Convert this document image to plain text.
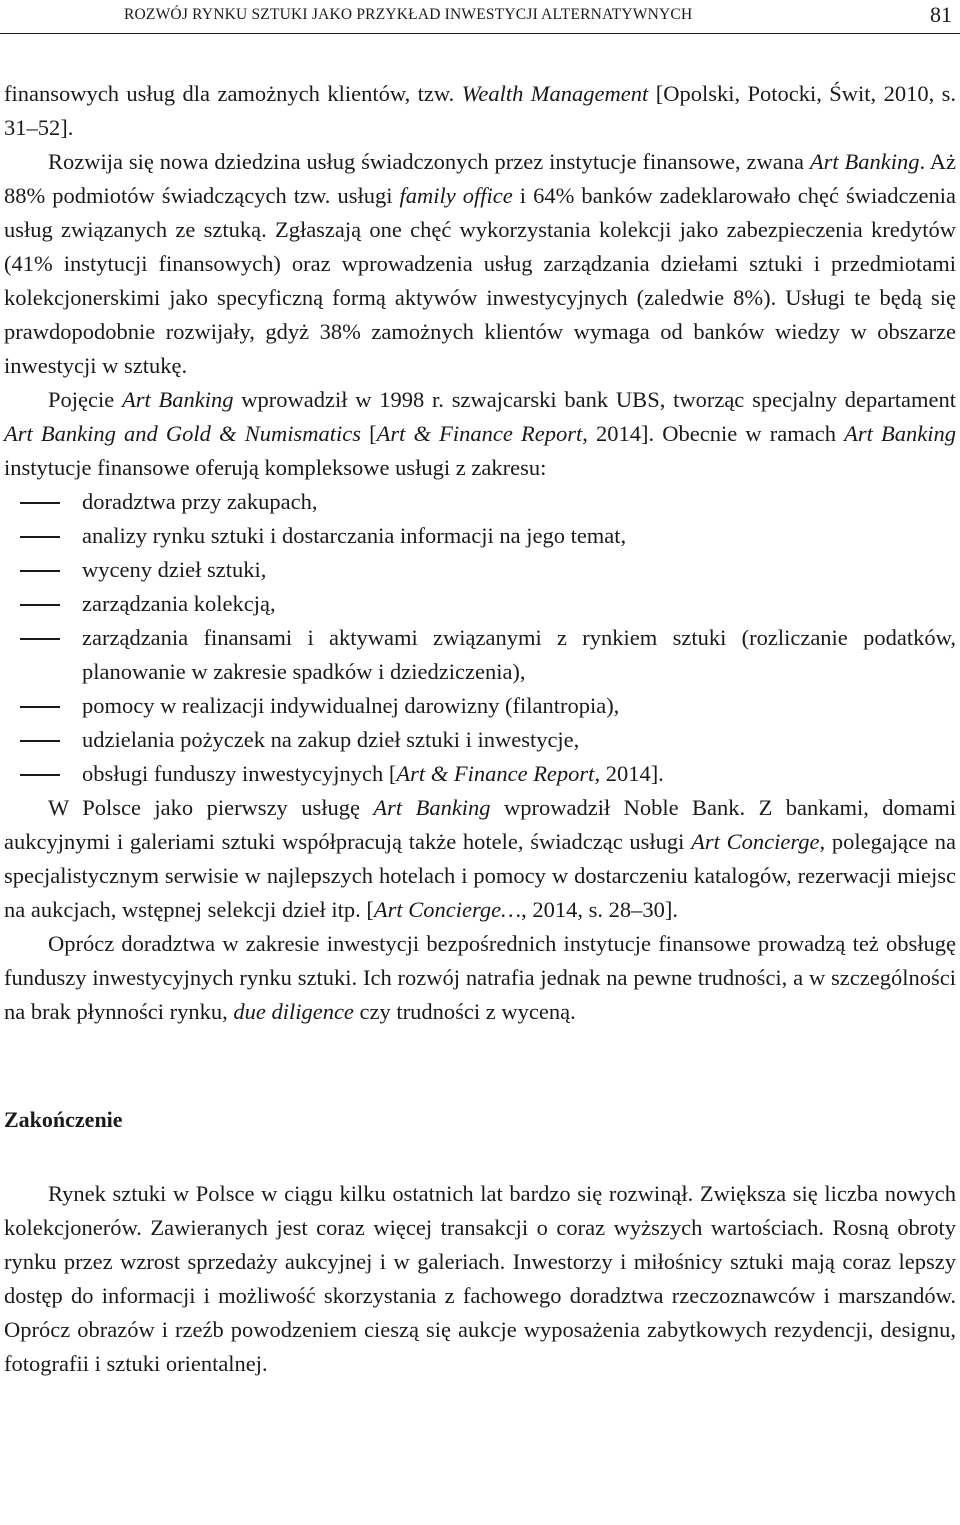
ROZWÓJ RYNKU SZTUKI JAKO PRZYKŁAD INWESTYCJI ALTERNATYWNYCH	81

finansowych usług dla zamożnych klientów, tzw. Wealth Management [Opolski, Potocki, Świt, 2010, s. 31–52].

Rozwija się nowa dziedzina usług świadczonych przez instytucje finansowe, zwana Art Banking. Aż 88% podmiotów świadczących tzw. usługi family office i 64% banków zadeklarowało chęć świadczenia usług związanych ze sztuką. Zgłaszają one chęć wykorzystania kolekcji jako zabezpieczenia kredytów (41% instytucji finansowych) oraz wprowadzenia usług zarządzania dziełami sztuki i przedmiotami kolekcjonerskimi jako specyficzną formą aktywów inwestycyjnych (zaledwie 8%). Usługi te będą się prawdopodobnie rozwijały, gdyż 38% zamożnych klientów wymaga od banków wiedzy w obszarze inwestycji w sztukę.

Pojęcie Art Banking wprowadził w 1998 r. szwajcarski bank UBS, tworząc specjalny departament Art Banking and Gold & Numismatics [Art & Finance Report, 2014]. Obecnie w ramach Art Banking instytucje finansowe oferują kompleksowe usługi z zakresu:

doradztwa przy zakupach,
analizy rynku sztuki i dostarczania informacji na jego temat,
wyceny dzieł sztuki,
zarządzania kolekcją,
zarządzania finansami i aktywami związanymi z rynkiem sztuki (rozliczanie podatków, planowanie w zakresie spadków i dziedziczenia),
pomocy w realizacji indywidualnej darowizny (filantropia),
udzielania pożyczek na zakup dzieł sztuki i inwestycje,
obsługi funduszy inwestycyjnych [Art & Finance Report, 2014].

W Polsce jako pierwszy usługę Art Banking wprowadził Noble Bank. Z bankami, domami aukcyjnymi i galeriami sztuki współpracują także hotele, świadcząc usługi Art Concierge, polegające na specjalistycznym serwisie w najlepszych hotelach i pomocy w dostarczeniu katalogów, rezerwacji miejsc na aukcjach, wstępnej selekcji dzieł itp. [Art Concierge…, 2014, s. 28–30].

Oprócz doradztwa w zakresie inwestycji bezpośrednich instytucje finansowe prowadzą też obsługę funduszy inwestycyjnych rynku sztuki. Ich rozwój natrafia jednak na pewne trudności, a w szczególności na brak płynności rynku, due diligence czy trudności z wyceną.

Zakończenie

Rynek sztuki w Polsce w ciągu kilku ostatnich lat bardzo się rozwinął. Zwiększa się liczba nowych kolekcjonerów. Zawieranych jest coraz więcej transakcji o coraz wyższych wartościach. Rosną obroty rynku przez wzrost sprzedaży aukcyjnej i w galeriach. Inwestorzy i miłośnicy sztuki mają coraz lepszy dostęp do informacji i możliwość skorzystania z fachowego doradztwa rzeczoznawców i marszandów. Oprócz obrazów i rzeźb powodzeniem cieszą się aukcje wyposażenia zabytkowych rezydencji, designu, fotografii i sztuki orientalnej.
